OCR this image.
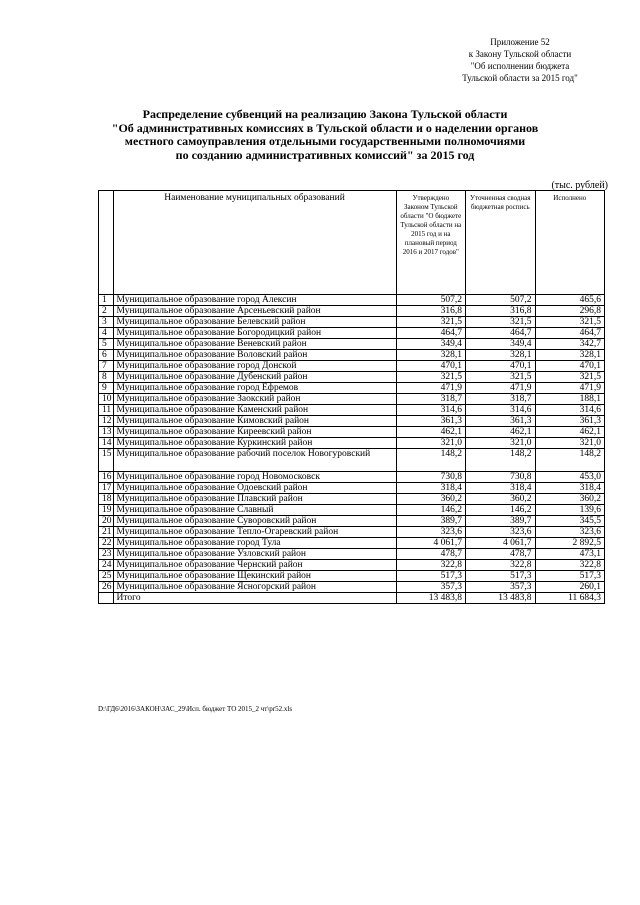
Приложение 52
к Закону Тульской области
"Об исполнении бюджета
Тульской области за 2015 год"
Распределение субвенций на реализацию Закона Тульской области
"Об административных комиссиях в Тульской области и о наделении органов
местного самоуправления отдельными государственными полномочиями
по созданию административных комиссий" за 2015 год
(тыс. рублей)
	Наименование муниципальных образований	Утверждено Законом Тульской области "О бюджете Тульской области на 2015 год и на плановый период 2016 и 2017 годов"	Уточненная сводная бюджетная роспись	Исполнено
1	Муниципальное образование город Алексин	507,2	507,2	465,6
2	Муниципальное образование Арсеньевский район	316,8	316,8	296,8
3	Муниципальное образование Белевский район	321,5	321,5	321,5
4	Муниципальное образование Богородицкий район	464,7	464,7	464,7
5	Муниципальное образование Веневский район	349,4	349,4	342,7
6	Муниципальное образование Воловский район	328,1	328,1	328,1
7	Муниципальное образование город Донской	470,1	470,1	470,1
8	Муниципальное образование Дубенский район	321,5	321,5	321,5
9	Муниципальное образование город Ефремов	471,9	471,9	471,9
10	Муниципальное образование Заокский район	318,7	318,7	188,1
11	Муниципальное образование Каменский район	314,6	314,6	314,6
12	Муниципальное образование Кимовский район	361,3	361,3	361,3
13	Муниципальное образование Киреевский район	462,1	462,1	462,1
14	Муниципальное образование Куркинский район	321,0	321,0	321,0
15	Муниципальное образование рабочий поселок Новогуровский	148,2	148,2	148,2
16	Муниципальное образование город Новомосковск	730,8	730,8	453,0
17	Муниципальное образование Одоевский район	318,4	318,4	318,4
18	Муниципальное образование Плавский район	360,2	360,2	360,2
19	Муниципальное образование Славный	146,2	146,2	139,6
20	Муниципальное образование Суворовский район	389,7	389,7	345,5
21	Муниципальное образование Тепло-Огаревский район	323,6	323,6	323,6
22	Муниципальное образование город Тула	4 061,7	4 061,7	2 892,5
23	Муниципальное образование Узловский район	478,7	478,7	473,1
24	Муниципальное образование Чернский район	322,8	322,8	322,8
25	Муниципальное образование Щекинский район	517,3	517,3	517,3
26	Муниципальное образование Ясногорский район	357,3	357,3	260,1
	Итого	13 483,8	13 483,8	11 684,3
D:\ГД6\2016\ЗАКОН\ЗАС_29\Исп. бюджет ТО 2015_2 чт\pr52.xls
